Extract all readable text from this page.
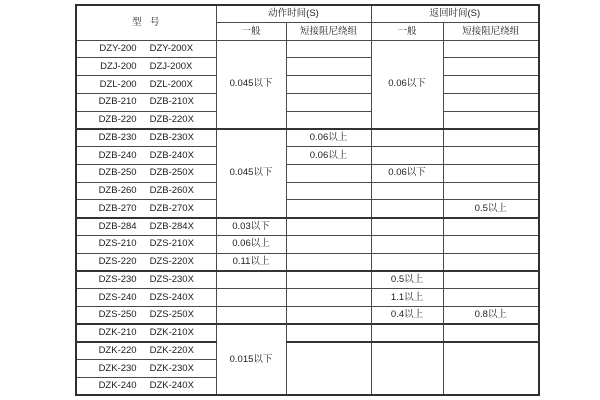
型  号	动作时间(S)		返回时间(S)	
	一般	短接阻尼绕组	一般	短接阻尼绕组

DZY-200 DZY-200X	0.045以下		0.06以下	

DZJ-200 DZJ-200X				

DZL-200 DZL-200X				

DZB-210 DZB-210X				

DZB-220 DZB-220X				

DZB-230 DZB-230X	0.045以下	0.06以上		

DZB-240 DZB-240X		0.06以上		

DZB-250 DZB-250X			0.06以下	

DZB-260 DZB-260X				

DZB-270 DZB-270X				0.5以上

DZB-284 DZB-284X	0.03以下			

DZS-210 DZS-210X	0.06以上			

DZS-220 DZS-220X	0.11以上			

DZS-230 DZS-230X			0.5以上	

DZS-240 DZS-240X			1.1以上	

DZS-250 DZS-250X			0.4以上	0.8以上

DZK-210 DZK-210X	0.015以下			

DZK-220 DZK-220X				

DZK-230 DZK-230X				

DZK-240 DZK-240X				
